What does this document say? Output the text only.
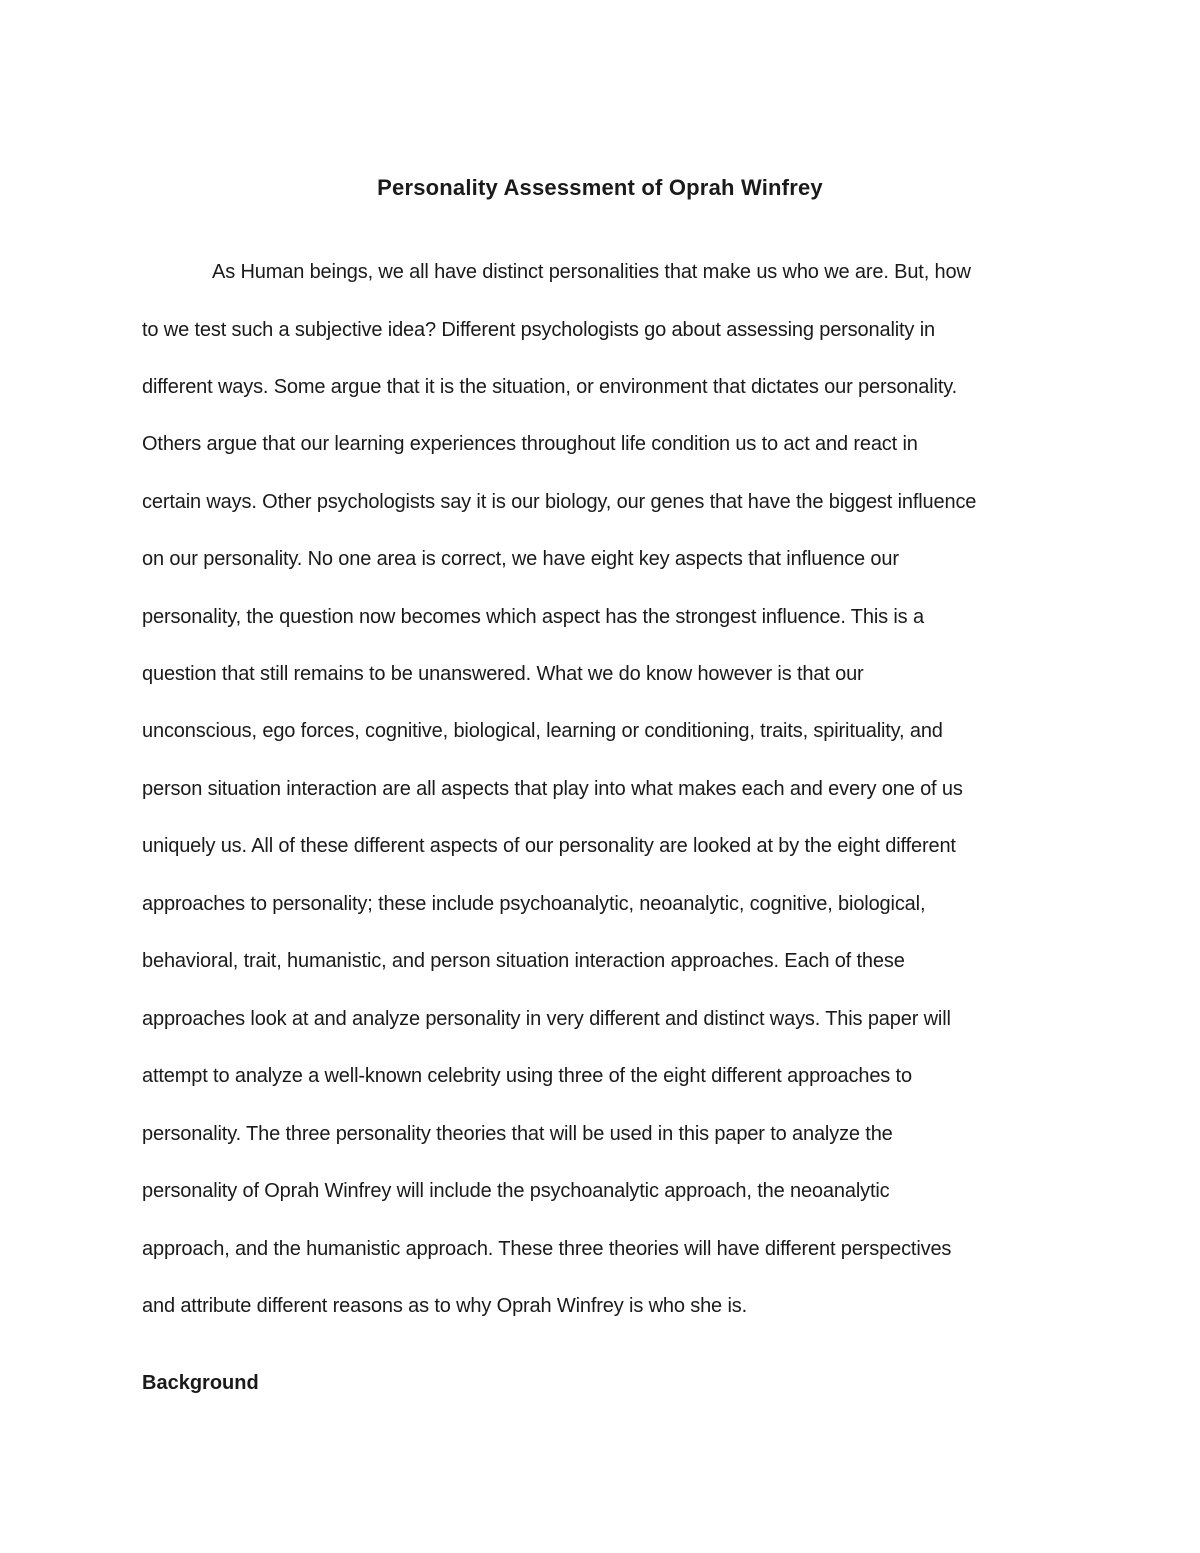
Personality Assessment of Oprah Winfrey

As Human beings, we all have distinct personalities that make us who we are. But, how

to we test such a subjective idea? Different psychologists go about assessing personality in

different ways. Some argue that it is the situation, or environment that dictates our personality.

Others argue that our learning experiences throughout life condition us to act and react in

certain ways. Other psychologists say it is our biology, our genes that have the biggest influence

on our personality. No one area is correct, we have eight key aspects that influence our

personality, the question now becomes which aspect has the strongest influence. This is a

question that still remains to be unanswered. What we do know however is that our

unconscious, ego forces, cognitive, biological, learning or conditioning, traits, spirituality, and

person situation interaction are all aspects that play into what makes each and every one of us

uniquely us. All of these different aspects of our personality are looked at by the eight different

approaches to personality; these include psychoanalytic, neoanalytic, cognitive, biological,

behavioral, trait, humanistic, and person situation interaction approaches. Each of these

approaches look at and analyze personality in very different and distinct ways. This paper will

attempt to analyze a well-known celebrity using three of the eight different approaches to

personality. The three personality theories that will be used in this paper to analyze the

personality of Oprah Winfrey will include the psychoanalytic approach, the neoanalytic

approach, and the humanistic approach. These three theories will have different perspectives

and attribute different reasons as to why Oprah Winfrey is who she is.

Background
